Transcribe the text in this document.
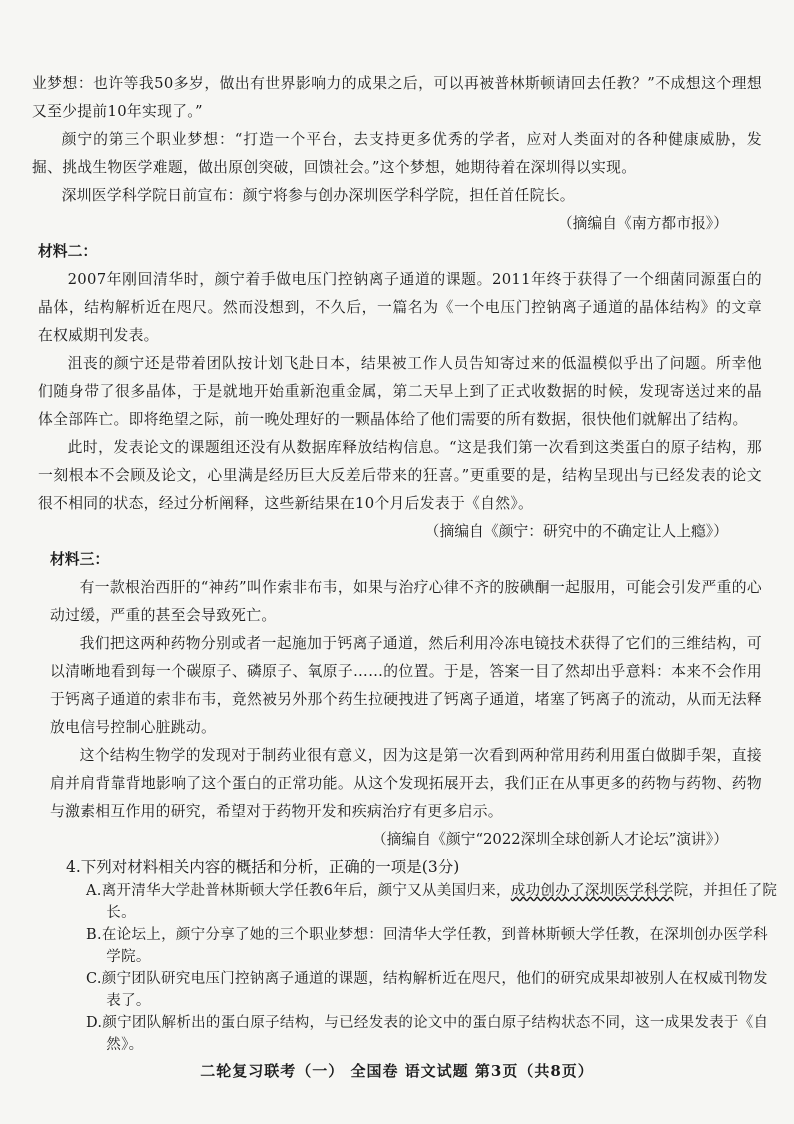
业梦想：也许等我50多岁，做出有世界影响力的成果之后，可以再被普林斯顿请回去任教？”不成想这个理想又至少提前10年实现了。”
颜宁的第三个职业梦想：“打造一个平台，去支持更多优秀的学者，应对人类面对的各种健康威胁，发掘、挑战生物医学难题，做出原创突破，回馈社会。”这个梦想，她期待着在深圳得以实现。
深圳医学科学院日前宣布：颜宁将参与创办深圳医学科学院，担任首任院长。
（摘编自《南方都市报》）
材料二：
2007年刚回清华时，颜宁着手做电压门控钠离子通道的课题。2011年终于获得了一个细菌同源蛋白的晶体，结构解析近在咫尺。然而没想到，不久后，一篇名为《一个电压门控钠离子通道的晶体结构》的文章在权威期刊发表。
沮丧的颜宁还是带着团队按计划飞赴日本，结果被工作人员告知寄过来的低温模似乎出了问题。所幸他们随身带了很多晶体，于是就地开始重新泡重金属，第二天早上到了正式收数据的时候，发现寄送过来的晶体全部阵亡。即将绝望之际，前一晚处理好的一颗晶体给了他们需要的所有数据，很快他们就解出了结构。
此时，发表论文的课题组还没有从数据库释放结构信息。“这是我们第一次看到这类蛋白的原子结构，那一刻根本不会顾及论文，心里满是经历巨大反差后带来的狂喜。”更重要的是，结构呈现出与已经发表的论文很不相同的状态，经过分析阐释，这些新结果在10个月后发表于《自然》。
（摘编自《颜宁：研究中的不确定让人上瘾》）
材料三：
有一款根治西肝的“神药”叫作索非布韦，如果与治疗心律不齐的胺碘酮一起服用，可能会引发严重的心动过缓，严重的甚至会导致死亡。
我们把这两种药物分别或者一起施加于钙离子通道，然后利用冷冻电镜技术获得了它们的三维结构，可以清晰地看到每一个碳原子、磷原子、氧原子……的位置。于是，答案一目了然却出乎意料：本来不会作用于钙离子通道的索非布韦，竟然被另外那个药生拉硬拽进了钙离子通道，堵塞了钙离子的流动，从而无法释放电信号控制心脏跳动。
这个结构生物学的发现对于制药业很有意义，因为这是第一次看到两种常用药利用蛋白做脚手架，直接肩并肩背靠背地影响了这个蛋白的正常功能。从这个发现拓展开去，我们正在从事更多的药物与药物、药物与激素相互作用的研究，希望对于药物开发和疾病治疗有更多启示。
（摘编自《颜宁“2022深圳全球创新人才论坛”演讲》）
4.下列对材料相关内容的概括和分析，正确的一项是(3分)
A.离开清华大学赴普林斯顿大学任教6年后，颜宁又从美国归来，成功创办了深圳医学科学院，并担任了院长。
B.在论坛上，颜宁分享了她的三个职业梦想：回清华大学任教，到普林斯顿大学任教，在深圳创办医学科学院。
二轮复习联考（一） 全国卷 语文试题 第3页（共8页）
C.颜宁团队研究电压门控钠离子通道的课题，结构解析近在咫尺，他们的研究成果却被别人在权威刊物发表了。
D.颜宁团队解析出的蛋白原子结构，与已经发表的论文中的蛋白原子结构状态不同，这一成果发表于《自然》。
